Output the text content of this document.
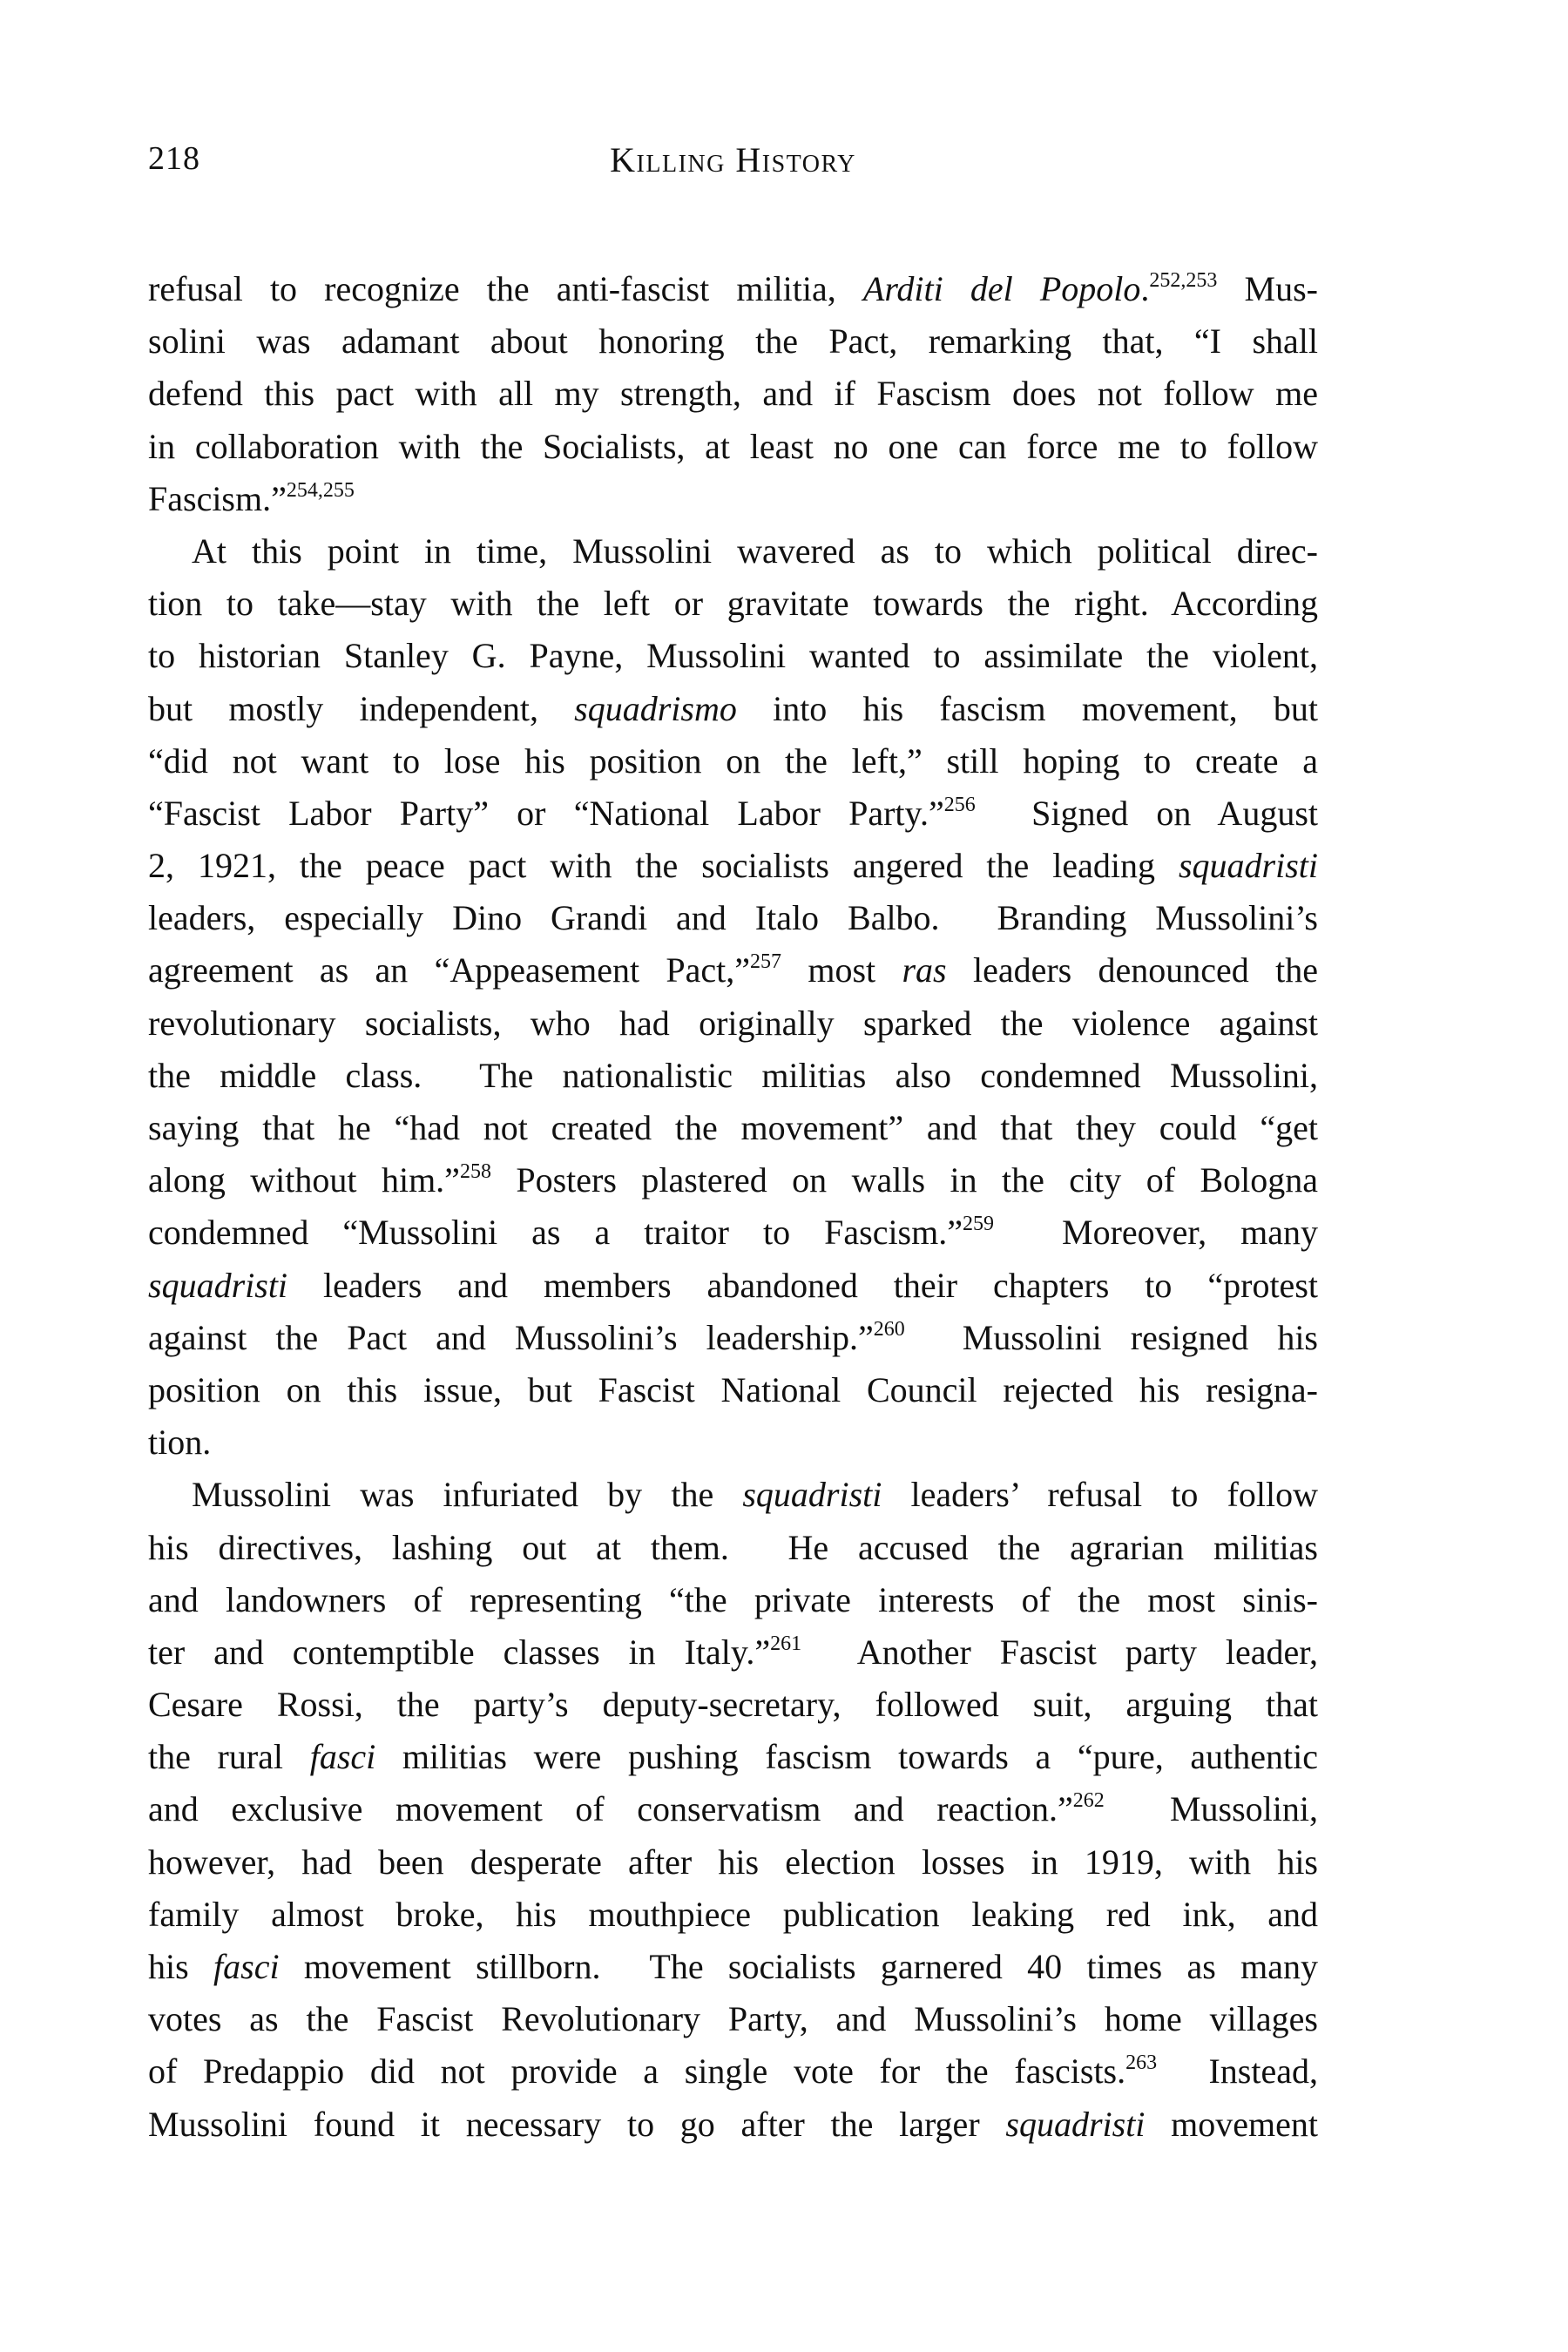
218	Killing History
refusal to recognize the anti-fascist militia, Arditi del Popolo.$^{252,253}$ Mus-
solini was adamant about honoring the Pact, remarking that, “I shall
defend this pact with all my strength, and if Fascism does not follow me
in collaboration with the Socialists, at least no one can force me to follow
Fascism.”$^{254,255}$
At this point in time, Mussolini wavered as to which political direc-
tion to take—stay with the left or gravitate towards the right. According
to historian Stanley G. Payne, Mussolini wanted to assimilate the violent,
but mostly independent, squadrismo into his fascism movement, but
“did not want to lose his position on the left,” still hoping to create a
“Fascist Labor Party” or “National Labor Party.”$^{256}$  Signed on August
2, 1921, the peace pact with the socialists angered the leading squadristi
leaders, especially Dino Grandi and Italo Balbo.  Branding Mussolini’s
agreement as an “Appeasement Pact,”$^{257}$ most ras leaders denounced the
revolutionary socialists, who had originally sparked the violence against
the middle class.  The nationalistic militias also condemned Mussolini,
saying that he “had not created the movement” and that they could “get
along without him.”$^{258}$ Posters plastered on walls in the city of Bologna
condemned “Mussolini as a traitor to Fascism.”$^{259}$  Moreover, many
squadristi leaders and members abandoned their chapters to “protest
against the Pact and Mussolini’s leadership.”$^{260}$  Mussolini resigned his
position on this issue, but Fascist National Council rejected his resigna-
tion.
Mussolini was infuriated by the squadristi leaders’ refusal to follow
his directives, lashing out at them.  He accused the agrarian militias
and landowners of representing “the private interests of the most sinis-
ter and contemptible classes in Italy.”$^{261}$  Another Fascist party leader,
Cesare Rossi, the party’s deputy-secretary, followed suit, arguing that
the rural fasci militias were pushing fascism towards a “pure, authentic
and exclusive movement of conservatism and reaction.”$^{262}$  Mussolini,
however, had been desperate after his election losses in 1919, with his
family almost broke, his mouthpiece publication leaking red ink, and
his fasci movement stillborn.  The socialists garnered 40 times as many
votes as the Fascist Revolutionary Party, and Mussolini’s home villages
of Predappio did not provide a single vote for the fascists.$^{263}$  Instead,
Mussolini found it necessary to go after the larger squadristi movement
